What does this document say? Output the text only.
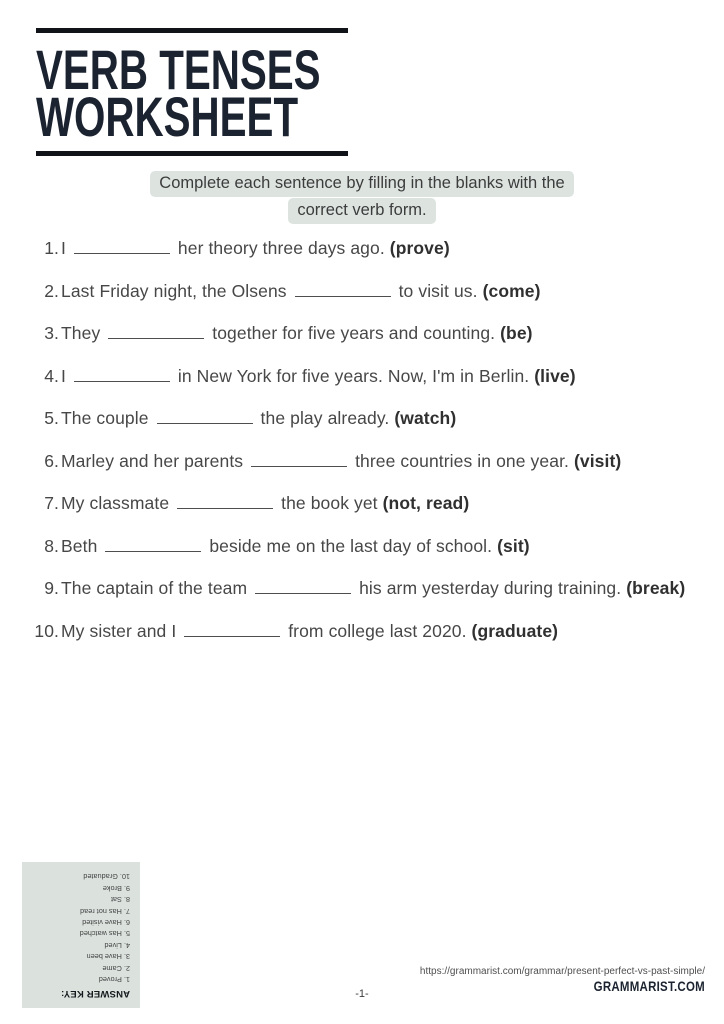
VERB TENSES
WORKSHEET
Complete each sentence by filling in the blanks with the
correct verb form.
1. I	her theory three days ago. (prove)
2. Last Friday night, the Olsens	to visit us. (come)
3. They	together for five years and counting. (be)
4. I	in New York for five years. Now, I'm in Berlin. (live)
5. The couple	the play already. (watch)
6. Marley and her parents	three countries in one year. (visit)
7. My classmate	the book yet (not, read)
8. Beth	beside me on the last day of school. (sit)
9. The captain of the team	his arm yesterday during training. (break)
10. My sister and I	from college last 2020. (graduate)
ANSWER KEY:
1. Proved
2. Came
3. Have been
4. Lived
5. Has watched
6. Have visited
7. Has not read
8. Sat
9. Broke
10. Graduated
-1-
https://grammarist.com/grammar/present-perfect-vs-past-simple/
GRAMMARIST.COM
